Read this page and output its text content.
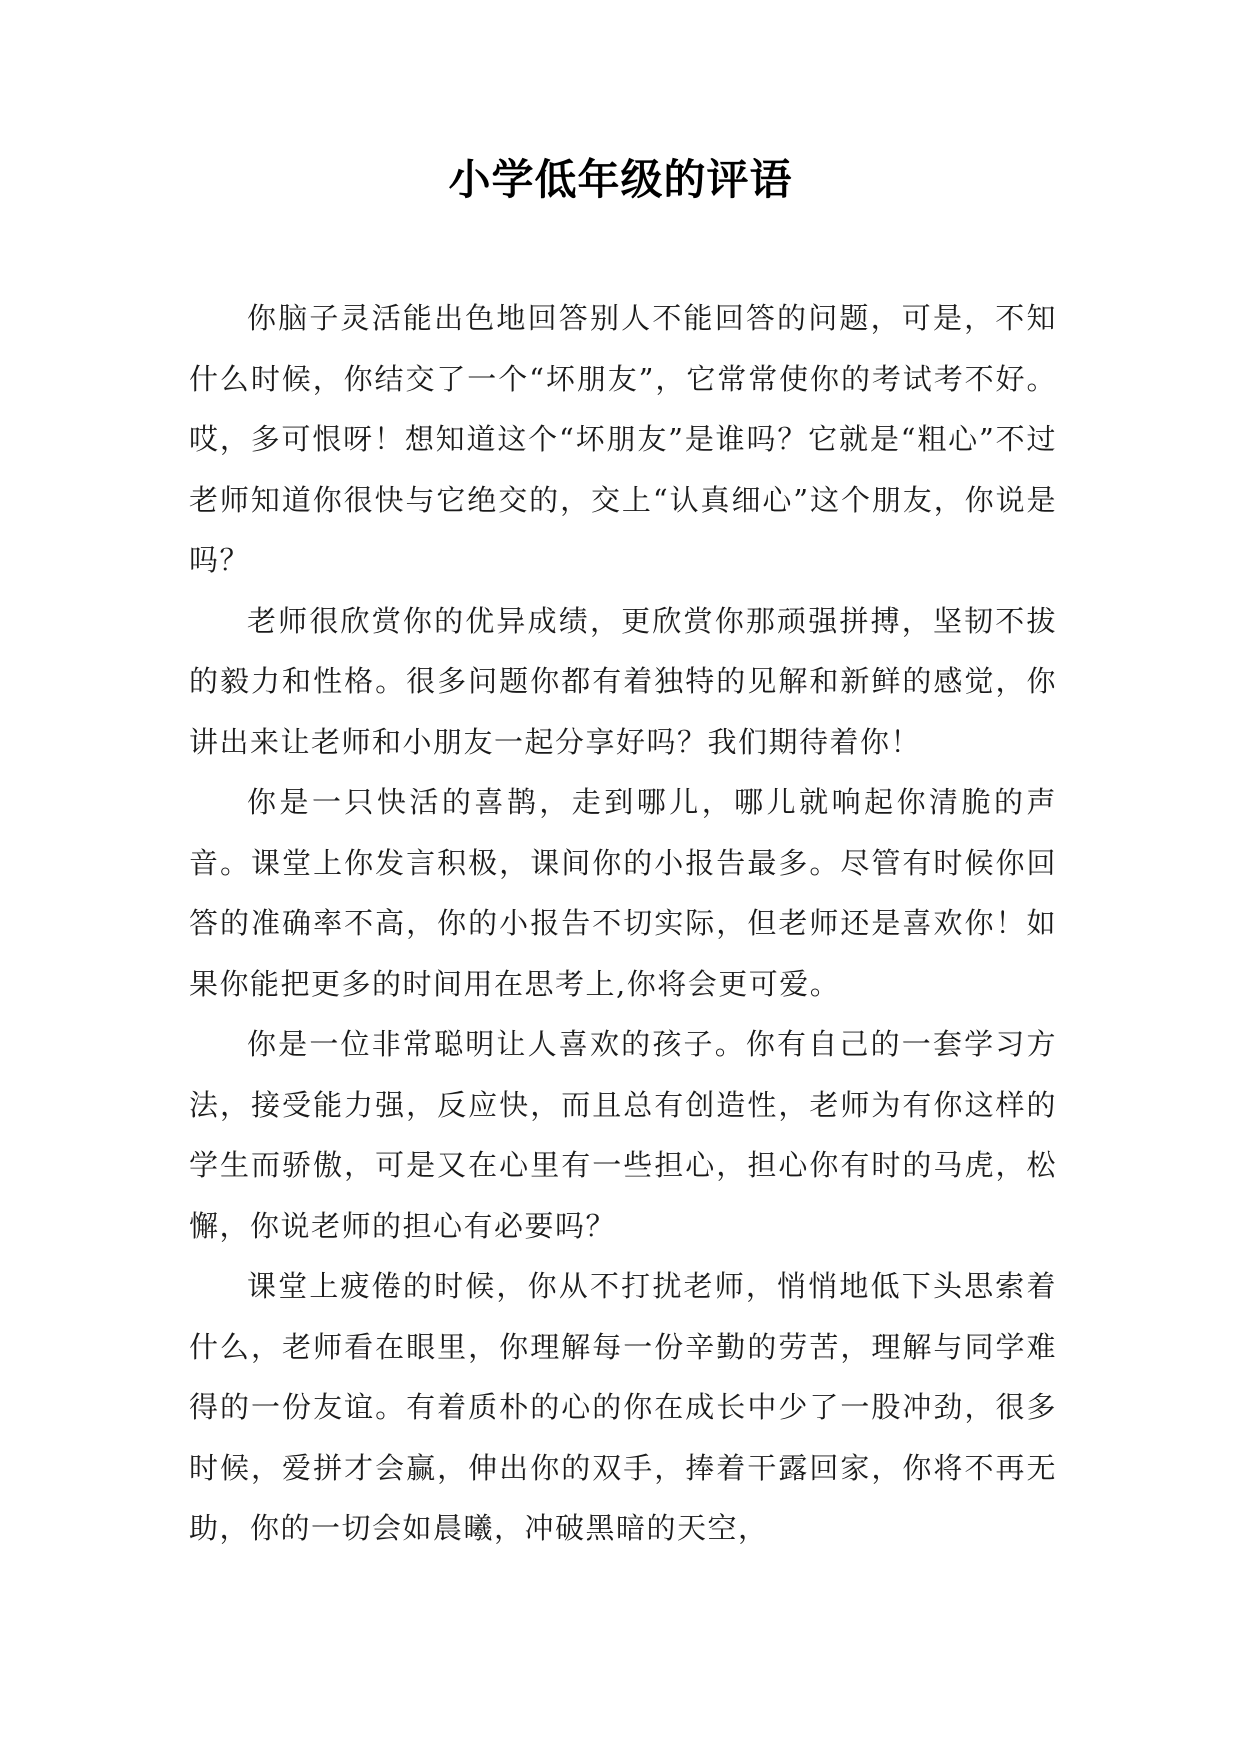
小学低年级的评语

你脑子灵活能出色地回答别人不能回答的问题，可是，不知什么时候，你结交了一个“坏朋友”，它常常使你的考试考不好。哎，多可恨呀！想知道这个“坏朋友”是谁吗？它就是“粗心”不过老师知道你很快与它绝交的，交上“认真细心”这个朋友，你说是吗？

老师很欣赏你的优异成绩，更欣赏你那顽强拼搏，坚韧不拔的毅力和性格。很多问题你都有着独特的见解和新鲜的感觉，你讲出来让老师和小朋友一起分享好吗？我们期待着你！

你是一只快活的喜鹊，走到哪儿，哪儿就响起你清脆的声音。课堂上你发言积极，课间你的小报告最多。尽管有时候你回答的准确率不高，你的小报告不切实际，但老师还是喜欢你！如果你能把更多的时间用在思考上,你将会更可爱。

你是一位非常聪明让人喜欢的孩子。你有自己的一套学习方法，接受能力强，反应快，而且总有创造性，老师为有你这样的学生而骄傲，可是又在心里有一些担心，担心你有时的马虎，松懈，你说老师的担心有必要吗？

课堂上疲倦的时候，你从不打扰老师，悄悄地低下头思索着什么，老师看在眼里，你理解每一份辛勤的劳苦，理解与同学难得的一份友谊。有着质朴的心的你在成长中少了一股冲劲，很多时候，爱拼才会赢，伸出你的双手，捧着干露回家，你将不再无助，你的一切会如晨曦，冲破黑暗的天空，
